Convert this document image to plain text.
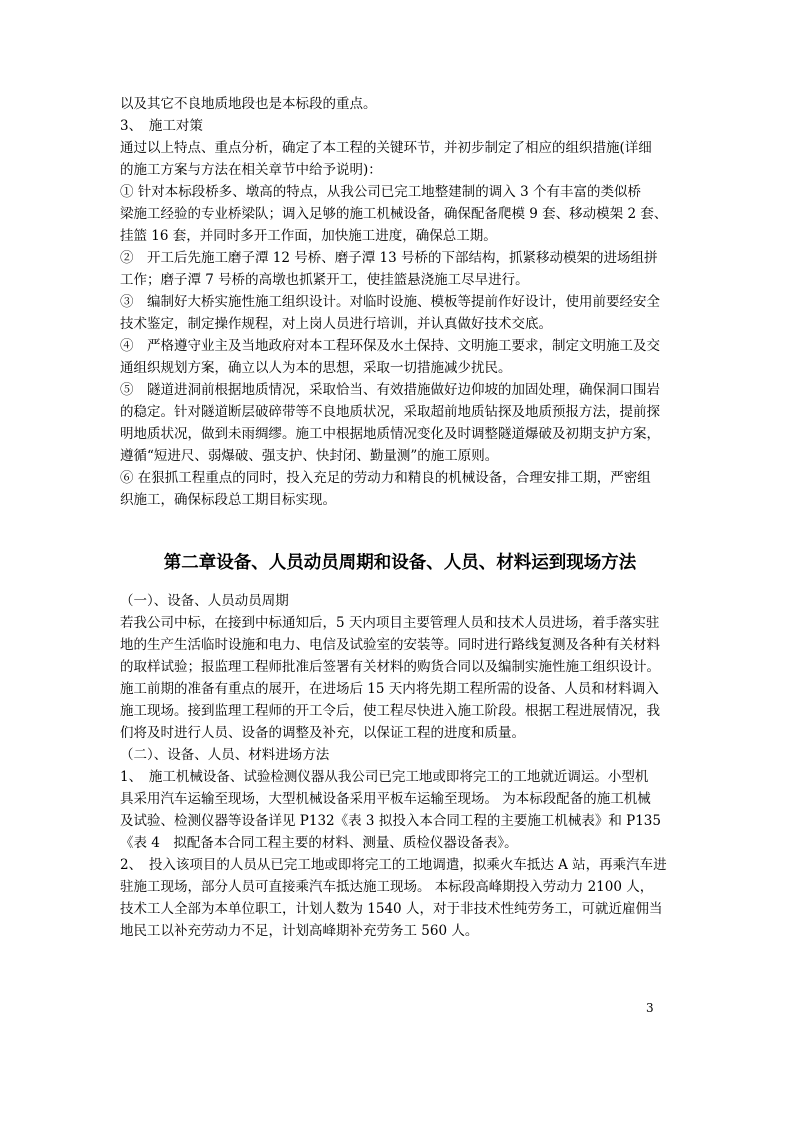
以及其它不良地质地段也是本标段的重点。

3、　施工对策

通过以上特点、重点分析，确定了本工程的关键环节，并初步制定了相应的组织措施(详细

的施工方案与方法在相关章节中给予说明)：

① 针对本标段桥多、墩高的特点，从我公司已完工地整建制的调入 3 个有丰富的类似桥

梁施工经验的专业桥梁队；调入足够的施工机械设备，确保配备爬模 9 套、移动模架 2 套、

挂篮 16 套，并同时多开工作面，加快施工进度，确保总工期。

②　开工后先施工磨子潭 12 号桥、磨子潭 13 号桥的下部结构，抓紧移动模架的进场组拼

工作；磨子潭 7 号桥的高墩也抓紧开工，使挂篮悬浇施工尽早进行。

③　编制好大桥实施性施工组织设计。对临时设施、模板等提前作好设计，使用前要经安全

技术鉴定，制定操作规程，对上岗人员进行培训，并认真做好技术交底。

④　严格遵守业主及当地政府对本工程环保及水土保持、文明施工要求，制定文明施工及交

通组织规划方案，确立以人为本的思想，采取一切措施减少扰民。

⑤　隧道进洞前根据地质情况，采取恰当、有效措施做好边仰坡的加固处理，确保洞口围岩

的稳定。针对隧道断层破碎带等不良地质状况，采取超前地质钻探及地质预报方法，提前探

明地质状况，做到未雨绸缪。施工中根据地质情况变化及时调整隧道爆破及初期支护方案，

遵循“短进尺、弱爆破、强支护、快封闭、勤量测”的施工原则。

⑥ 在狠抓工程重点的同时，投入充足的劳动力和精良的机械设备，合理安排工期，严密组

织施工，确保标段总工期目标实现。

第二章设备、人员动员周期和设备、人员、材料运到现场方法

（一）、设备、人员动员周期

若我公司中标，在接到中标通知后，5 天内项目主要管理人员和技术人员进场，着手落实驻

地的生产生活临时设施和电力、电信及试验室的安装等。同时进行路线复测及各种有关材料

的取样试验；报监理工程师批准后签署有关材料的购货合同以及编制实施性施工组织设计。

施工前期的准备有重点的展开，在进场后 15 天内将先期工程所需的设备、人员和材料调入

施工现场。接到监理工程师的开工令后，使工程尽快进入施工阶段。根据工程进展情况，我

们将及时进行人员、设备的调整及补充，以保证工程的进度和质量。

（二）、设备、人员、材料进场方法

1、　施工机械设备、试验检测仪器从我公司已完工地或即将完工的工地就近调运。小型机

具采用汽车运输至现场，大型机械设备采用平板车运输至现场。 为本标段配备的施工机械

及试验、检测仪器等设备详见 P132《表 3 拟投入本合同工程的主要施工机械表》和 P135

《表 4　拟配备本合同工程主要的材料、测量、质检仪器设备表》。

2、　投入该项目的人员从已完工地或即将完工的工地调遣，拟乘火车抵达 A 站，再乘汽车进

驻施工现场，部分人员可直接乘汽车抵达施工现场。 本标段高峰期投入劳动力 2100 人，

技术工人全部为本单位职工，计划人数为 1540 人，对于非技术性纯劳务工，可就近雇佣当

地民工以补充劳动力不足，计划高峰期补充劳务工 560 人。

3
